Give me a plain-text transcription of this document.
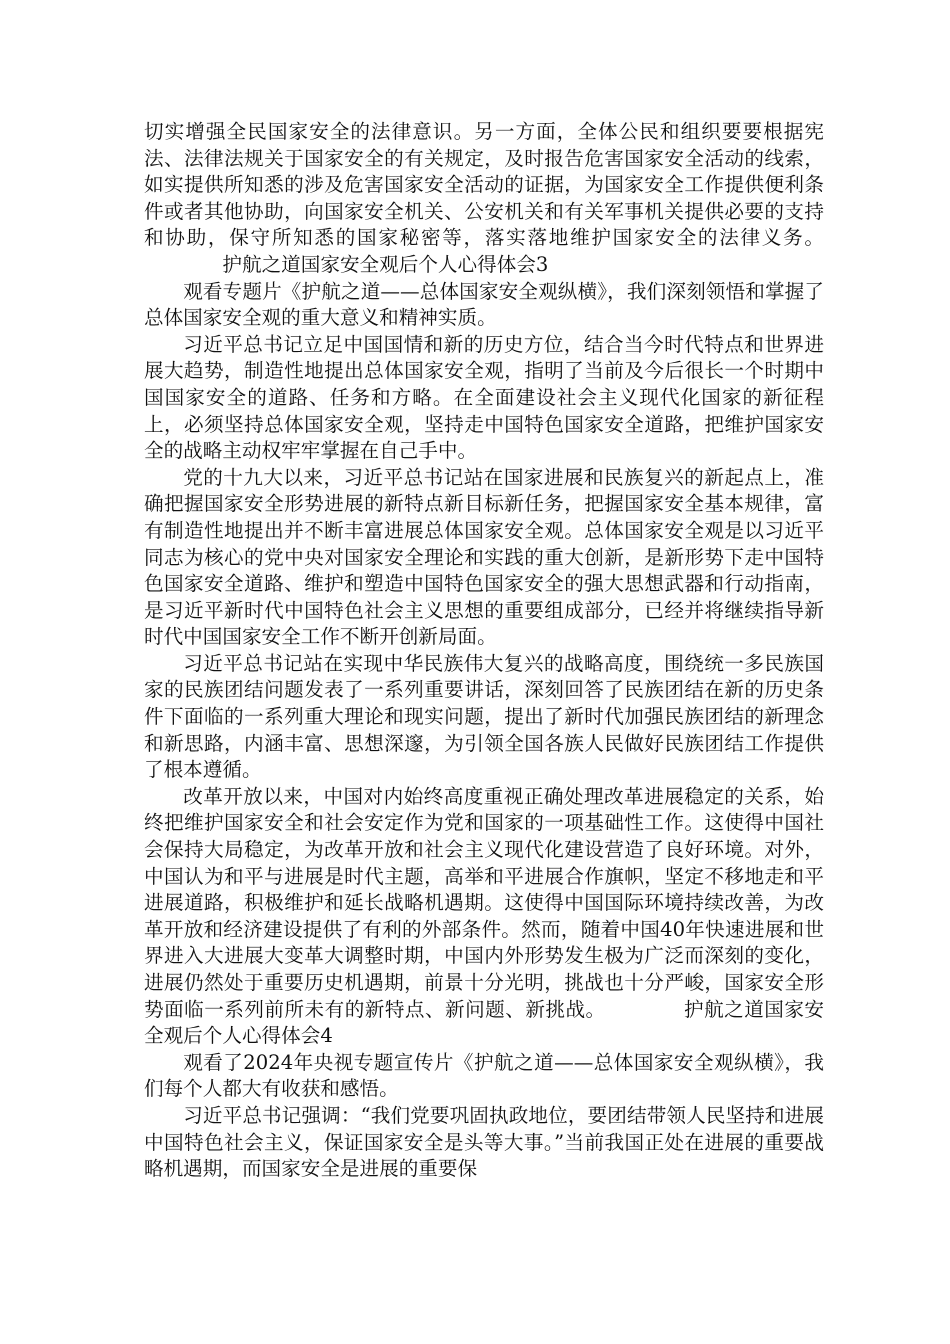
切实增强全民国家安全的法律意识。另一方面，全体公民和组织要要根据宪法、法律法规关于国家安全的有关规定，及时报告危害国家安全活动的线索，如实提供所知悉的涉及危害国家安全活动的证据，为国家安全工作提供便利条件或者其他协助，向国家安全机关、公安机关和有关军事机关提供必要的支持和协助，保守所知悉的国家秘密等，落实落地维护国家安全的法律义务。护航之道国家安全观后个人心得体会3

观看专题片《护航之道——总体国家安全观纵横》，我们深刻领悟和掌握了总体国家安全观的重大意义和精神实质。

习近平总书记立足中国国情和新的历史方位，结合当今时代特点和世界进展大趋势，制造性地提出总体国家安全观，指明了当前及今后很长一个时期中国国家安全的道路、任务和方略。在全面建设社会主义现代化国家的新征程上，必须坚持总体国家安全观，坚持走中国特色国家安全道路，把维护国家安全的战略主动权牢牢掌握在自己手中。

党的十九大以来，习近平总书记站在国家进展和民族复兴的新起点上，准确把握国家安全形势进展的新特点新目标新任务，把握国家安全基本规律，富有制造性地提出并不断丰富进展总体国家安全观。总体国家安全观是以习近平同志为核心的党中央对国家安全理论和实践的重大创新，是新形势下走中国特色国家安全道路、维护和塑造中国特色国家安全的强大思想武器和行动指南，是习近平新时代中国特色社会主义思想的重要组成部分，已经并将继续指导新时代中国国家安全工作不断开创新局面。

习近平总书记站在实现中华民族伟大复兴的战略高度，围绕统一多民族国家的民族团结问题发表了一系列重要讲话，深刻回答了民族团结在新的历史条件下面临的一系列重大理论和现实问题，提出了新时代加强民族团结的新理念和新思路，内涵丰富、思想深邃，为引领全国各族人民做好民族团结工作提供了根本遵循。

改革开放以来，中国对内始终高度重视正确处理改革进展稳定的关系，始终把维护国家安全和社会安定作为党和国家的一项基础性工作。这使得中国社会保持大局稳定，为改革开放和社会主义现代化建设营造了良好环境。对外，中国认为和平与进展是时代主题，高举和平进展合作旗帜，坚定不移地走和平进展道路，积极维护和延长战略机遇期。这使得中国国际环境持续改善，为改革开放和经济建设提供了有利的外部条件。然而，随着中国40年快速进展和世界进入大进展大变革大调整时期，中国内外形势发生极为广泛而深刻的变化，进展仍然处于重要历史机遇期，前景十分光明，挑战也十分严峻，国家安全形势面临一系列前所未有的新特点、新问题、新挑战。	护航之道国家安全观后个人心得体会4

观看了2024年央视专题宣传片《护航之道——总体国家安全观纵横》，我们每个人都大有收获和感悟。

习近平总书记强调：“我们党要巩固执政地位，要团结带领人民坚持和进展中国特色社会主义，保证国家安全是头等大事。”当前我国正处在进展的重要战略机遇期，而国家安全是进展的重要保
